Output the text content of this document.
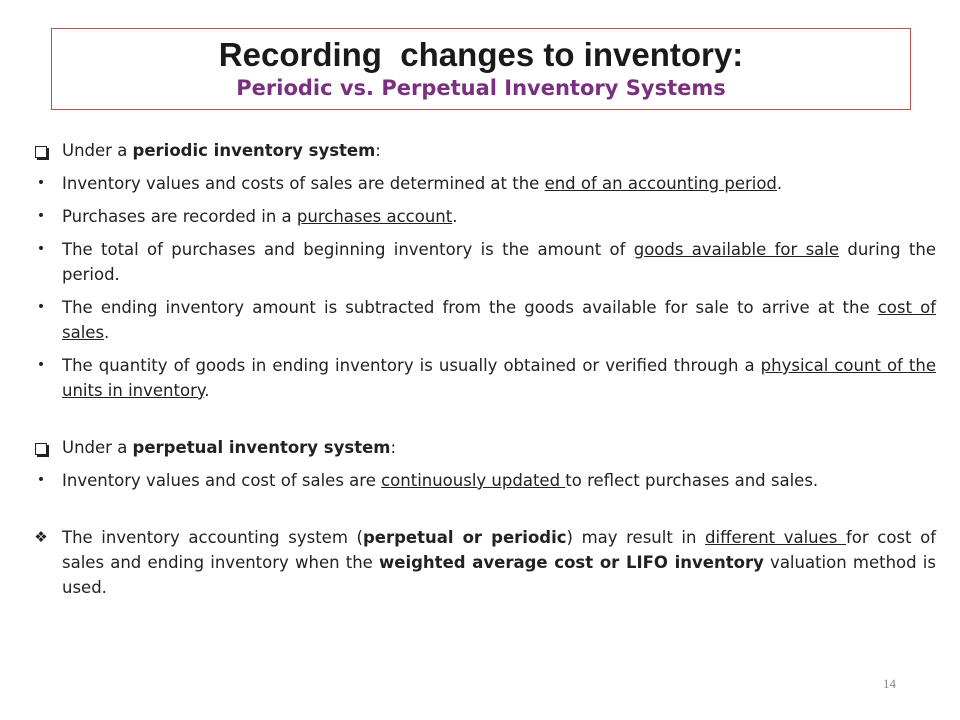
Recording  changes to inventory:
Periodic vs. Perpetual Inventory Systems
Under a periodic inventory system:
•	Inventory values and costs of sales are determined at the end of an accounting period.
•	Purchases are recorded in a purchases account.
•	The total of purchases and beginning inventory is the amount of goods available for sale during the period.
•	The ending inventory amount is subtracted from the goods available for sale to arrive at the cost of sales.
•	The quantity of goods in ending inventory is usually obtained or verified through a physical count of the units in inventory.
Under a perpetual inventory system:
•	Inventory values and cost of sales are continuously updated to reflect purchases and sales.
❖ The inventory accounting system (perpetual or periodic) may result in different values for cost of sales and ending inventory when the weighted average cost or LIFO inventory valuation method is used.
14
